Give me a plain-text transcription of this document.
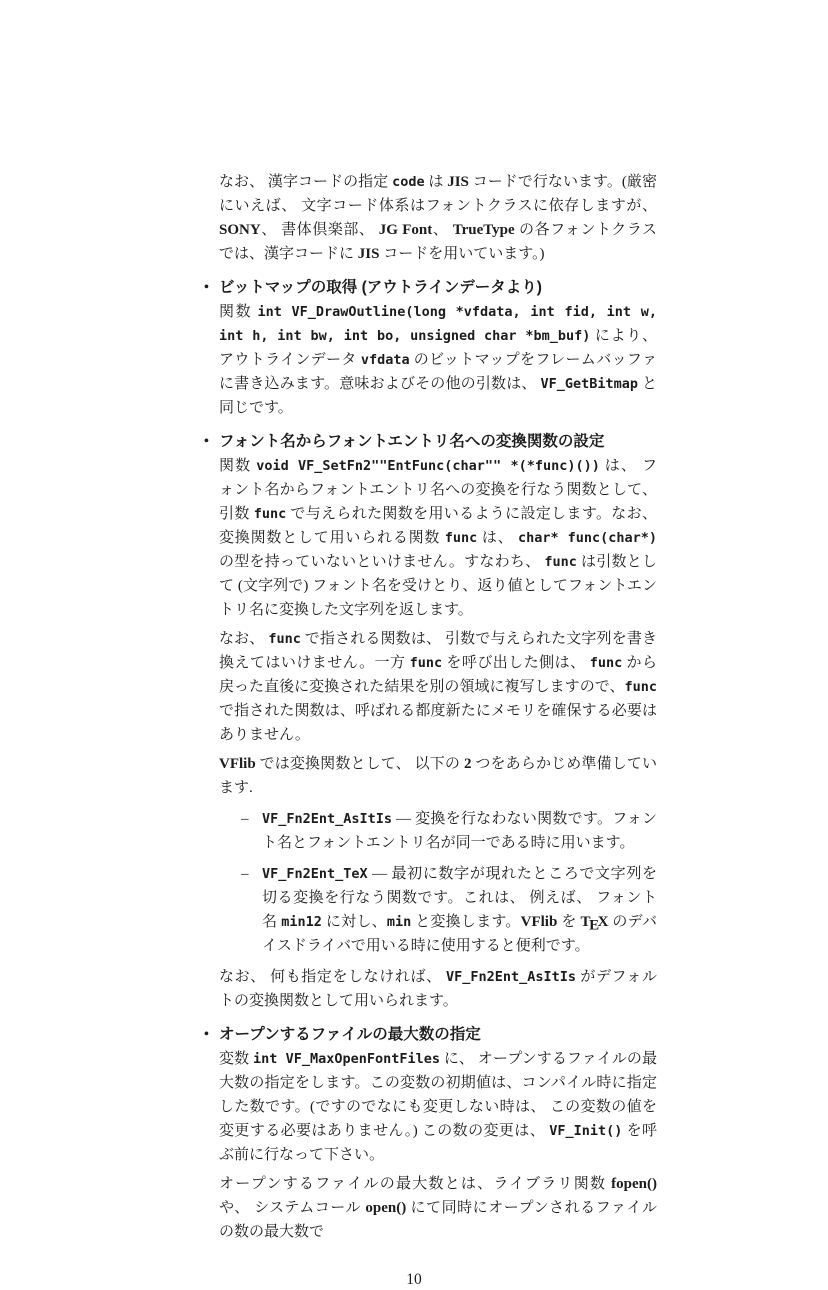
なお、 漢字コードの指定 code は JIS コードで行ないます。(厳密にいえば、 文字コード体系はフォントクラスに依存しますが、SONY、 書体倶楽部、 JG Font、 TrueType の各フォントクラスでは、漢字コードに JIS コードを用いています。)

• ビットマップの取得 (アウトラインデータより)

関数 int VF_DrawOutline(long *vfdata, int fid, int w, int h, int bw, int bo, unsigned char *bm_buf) により、 アウトラインデータ vfdata のビットマップをフレームバッファに書き込みます。意味およびその他の引数は、 VF_GetBitmap と同じです。

• フォント名からフォントエントリ名への変換関数の設定

関数 void VF_SetFn2""EntFunc(char"" *(*func)()) は、 フォント名からフォントエントリ名への変換を行なう関数として、引数 func で与えられた関数を用いるように設定します。なお、 変換関数として用いられる関数 func は、 char* func(char*) の型を持っていないといけません。すなわち、 func は引数として (文字列で) フォント名を受けとり、返り値としてフォントエントリ名に変換した文字列を返します。

なお、 func で指される関数は、 引数で与えられた文字列を書き換えてはいけません。一方 func を呼び出した側は、 func から戻った直後に変換された結果を別の領域に複写しますので、func で指された関数は、呼ばれる都度新たにメモリを確保する必要はありません。

VFlib では変換関数として、 以下の 2 つをあらかじめ準備しています.

– VF_Fn2Ent_AsItIs — 変換を行なわない関数です。フォント名とフォントエントリ名が同一である時に用います。
– VF_Fn2Ent_TeX — 最初に数字が現れたところで文字列を切る変換を行なう関数です。これは、 例えば、 フォント名 min12 に対し、min と変換します。VFlib を TEX のデバイスドライバで用いる時に使用すると便利です。

なお、 何も指定をしなければ、 VF_Fn2Ent_AsItIs がデフォルトの変換関数として用いられます。

• オープンするファイルの最大数の指定

変数 int VF_MaxOpenFontFiles に、 オープンするファイルの最大数の指定をします。この変数の初期値は、コンパイル時に指定した数です。(ですのでなにも変更しない時は、 この変数の値を変更する必要はありません。) この数の変更は、 VF_Init() を呼ぶ前に行なって下さい。

オープンするファイルの最大数とは、ライブラリ関数 fopen() や、 システムコール open() にて同時にオープンされるファイルの数の最大数で

10
